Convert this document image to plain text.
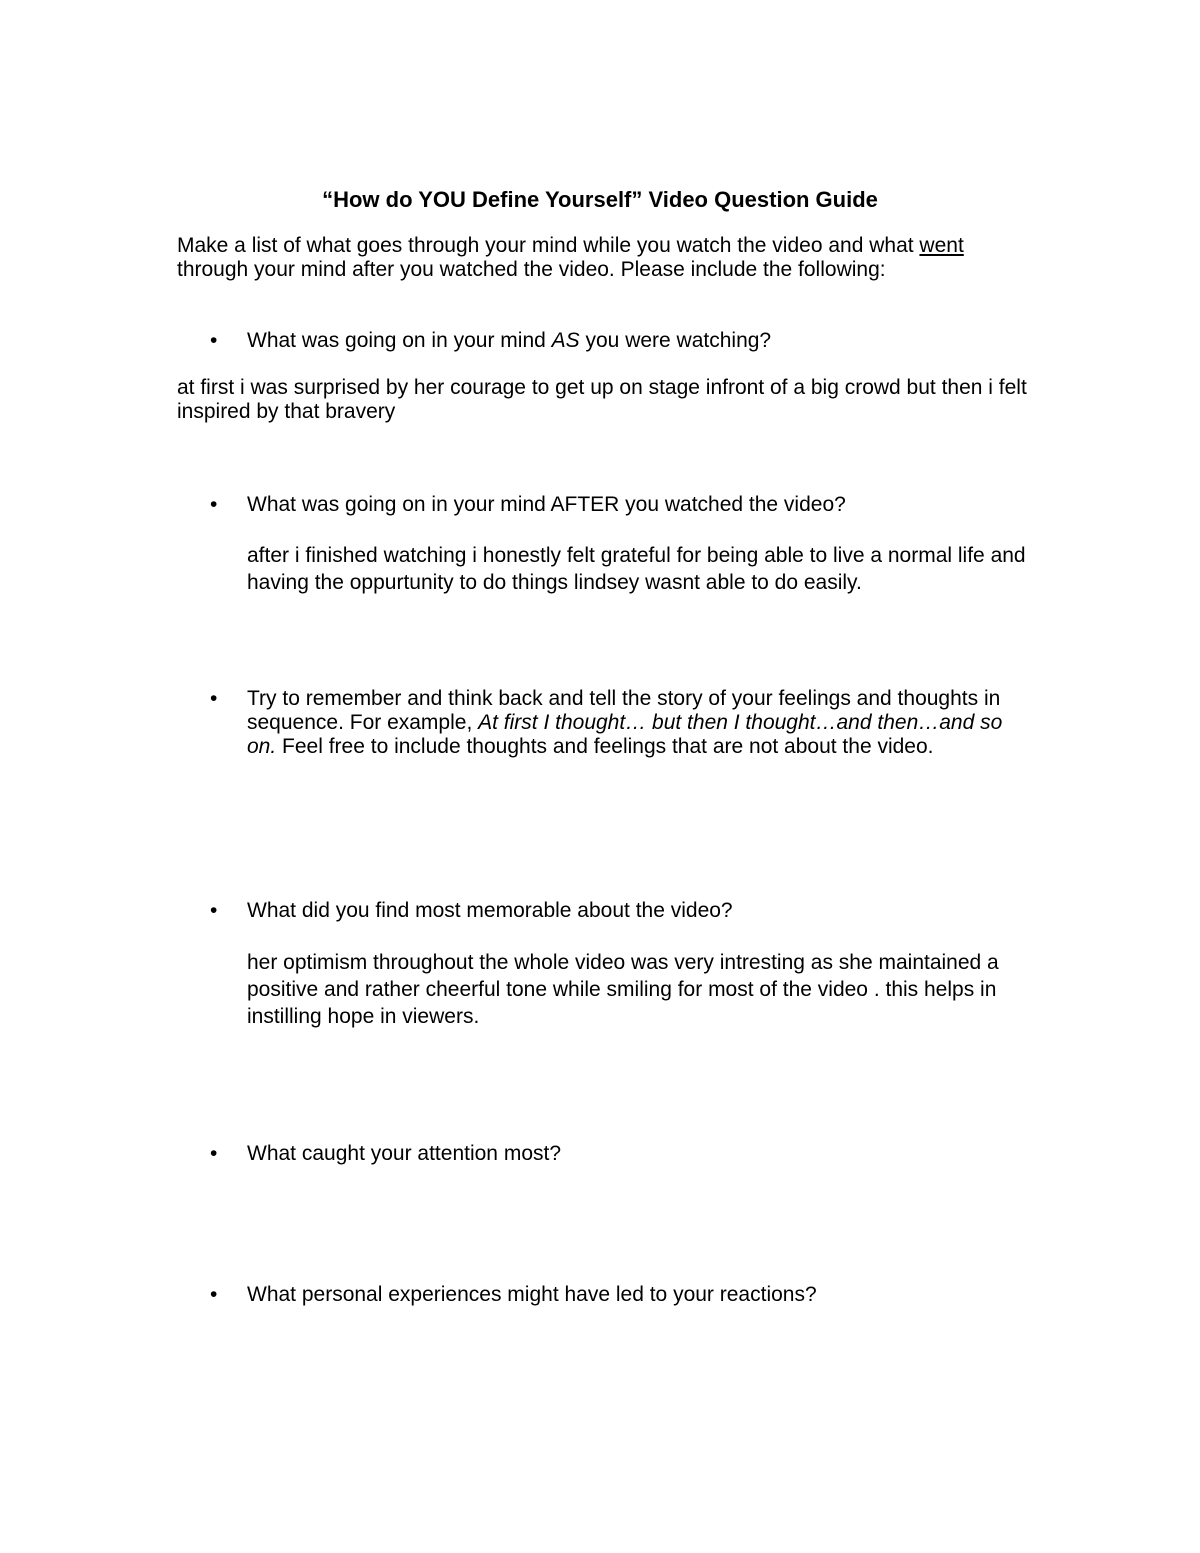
“How do YOU Define Yourself” Video Question Guide
Make a list of what goes through your mind while you watch the video and what went through your mind after you watched the video. Please include the following:
•	What was going on in your mind AS you were watching?
at first i was surprised by her courage to get up on stage infront of a big crowd but then i felt inspired by that bravery
•	What was going on in your mind AFTER you watched the video?
after i finished watching i honestly felt grateful for being able to live a normal life and having the oppurtunity to do things lindsey wasnt able to do easily.
•	Try to remember and think back and tell the story of your feelings and thoughts in sequence. For example, At first I thought… but then I thought…and then…and so on. Feel free to include thoughts and feelings that are not about the video.
•	What did you find most memorable about the video?
her optimism throughout the whole video was very intresting as she maintained a positive and rather cheerful tone while smiling for most of the video . this helps in instilling hope in viewers.
•	What caught your attention most?
•	What personal experiences might have led to your reactions?
